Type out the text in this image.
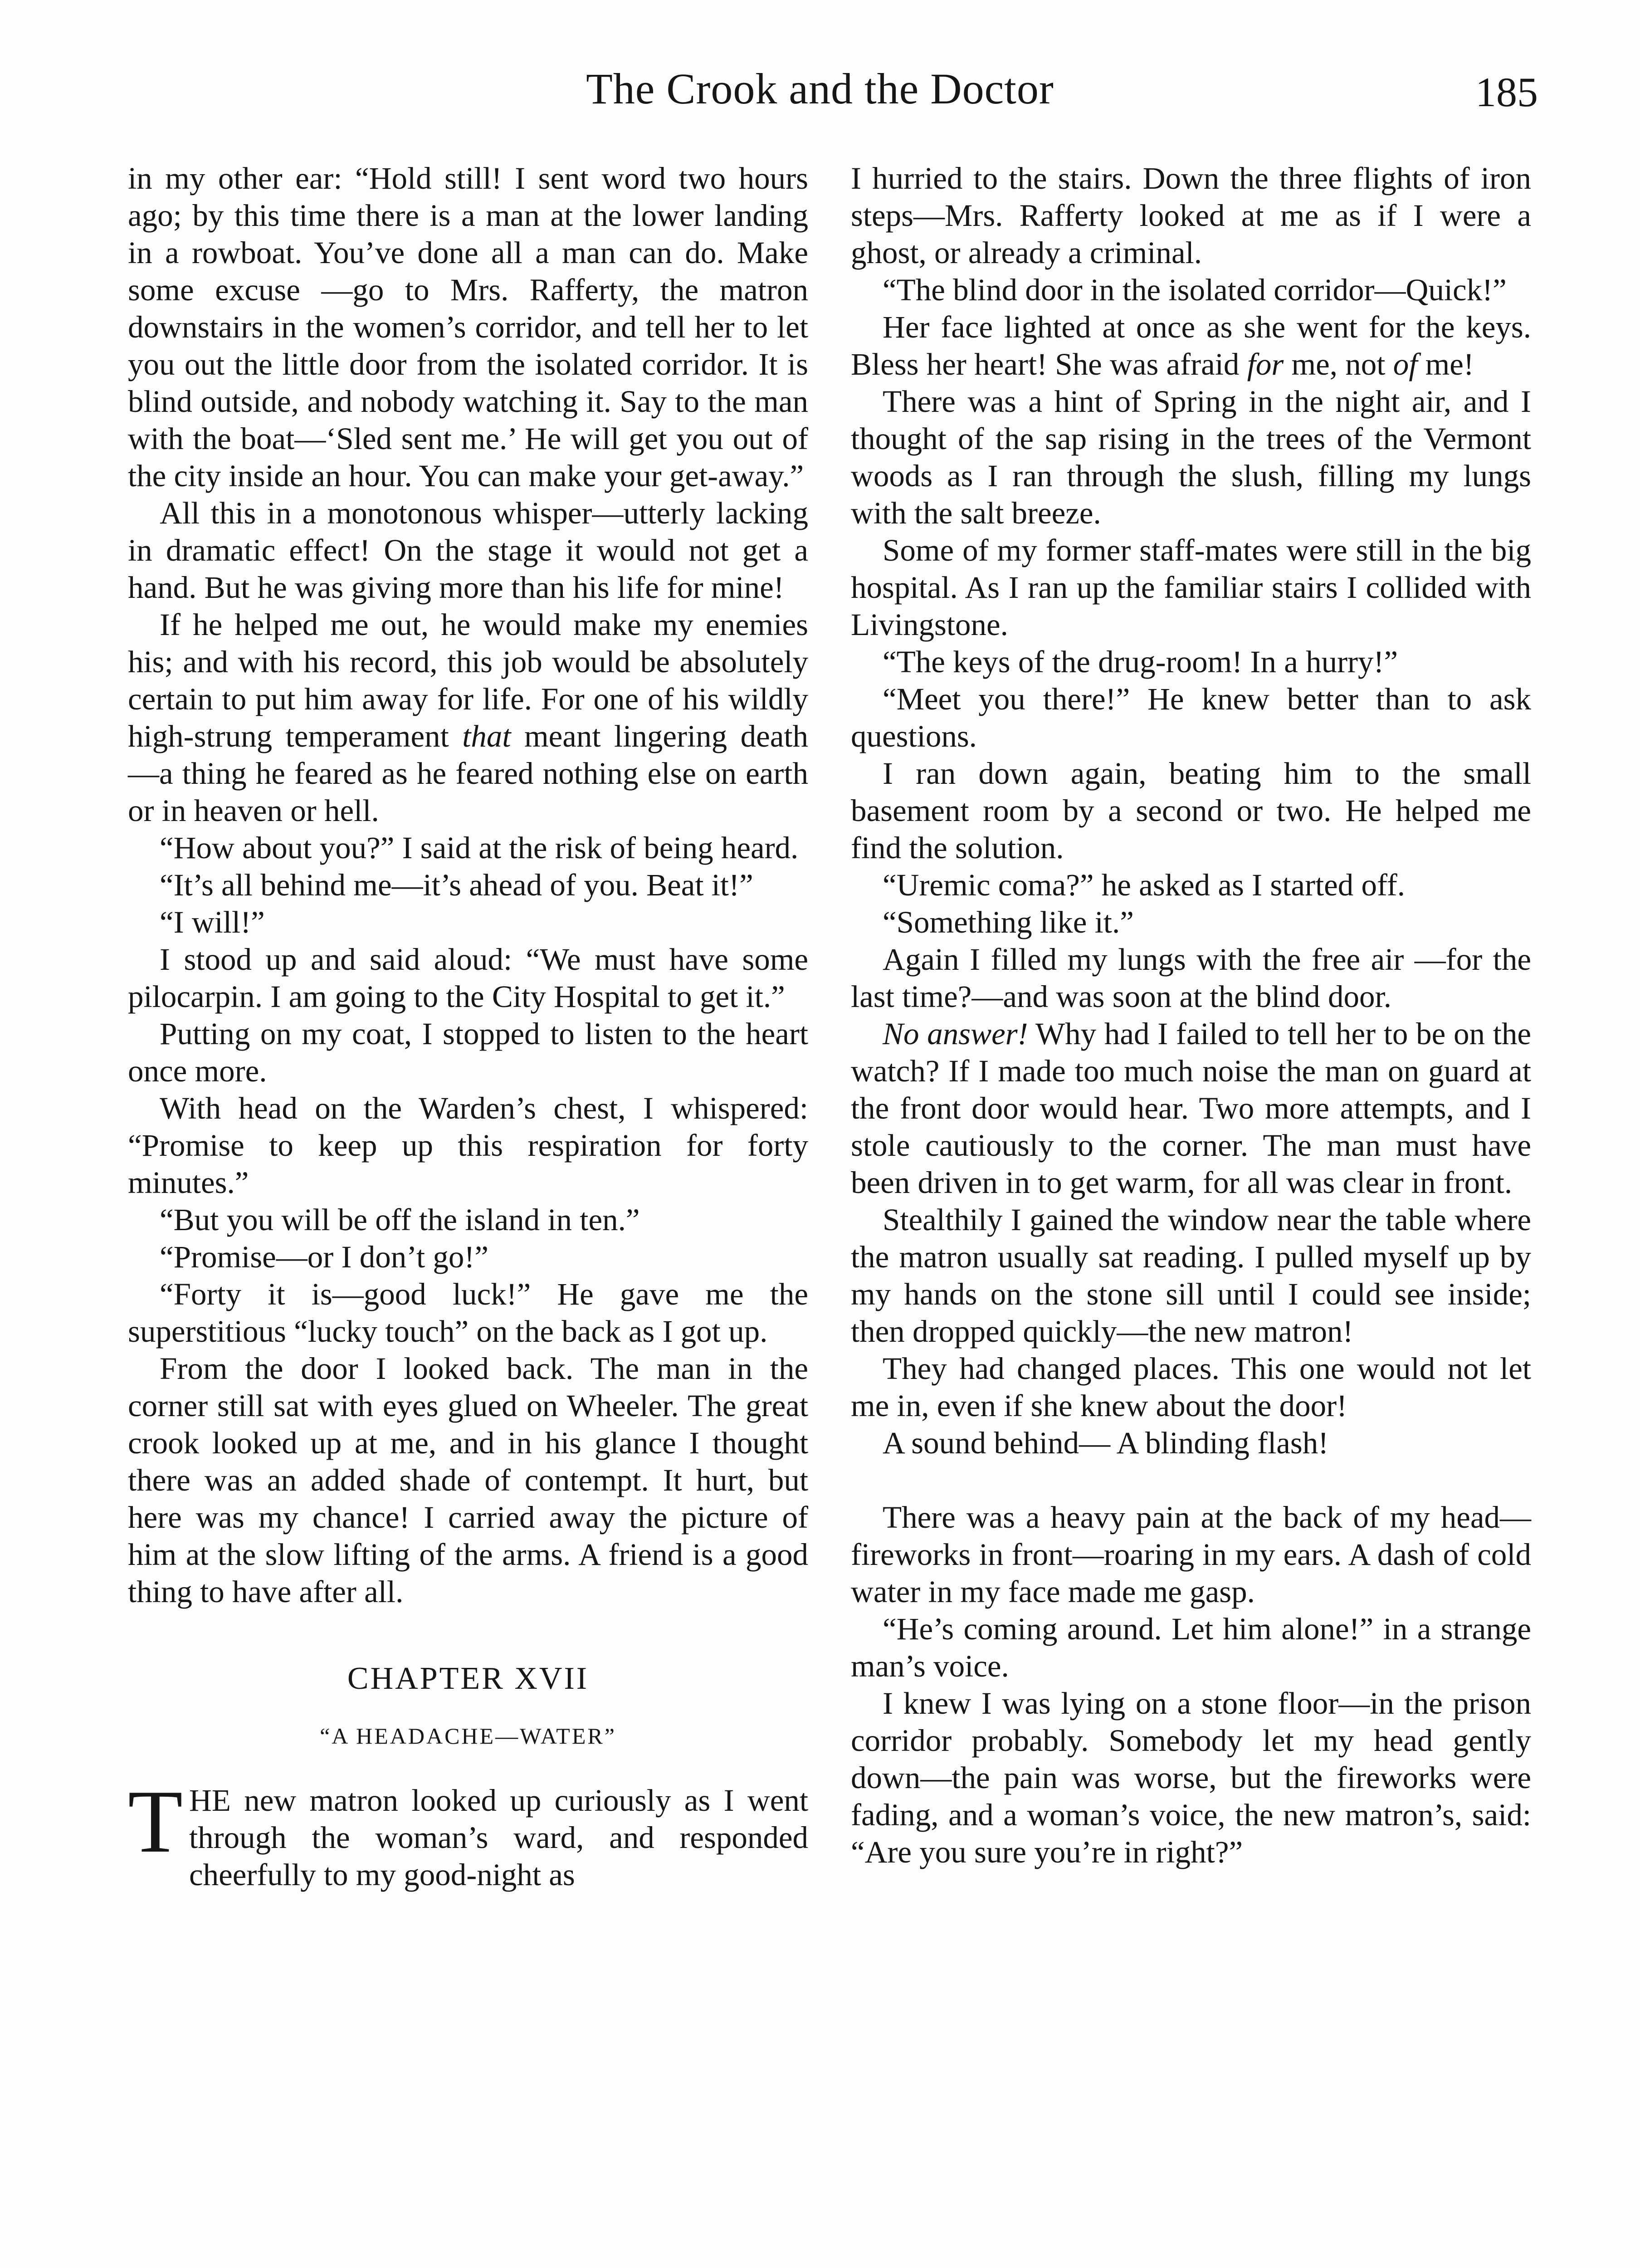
The Crook and the Doctor	185

in my other ear: “Hold still! I sent word two hours ago; by this time there is a man at the lower landing in a rowboat. You’ve done all a man can do. Make some excuse —go to Mrs. Rafferty, the matron downstairs in the women’s corridor, and tell her to let you out the little door from the isolated corridor. It is blind outside, and nobody watching it. Say to the man with the boat—‘Sled sent me.’ He will get you out of the city inside an hour. You can make your get-away.”

All this in a monotonous whisper—utterly lacking in dramatic effect! On the stage it would not get a hand. But he was giving more than his life for mine!

If he helped me out, he would make my enemies his; and with his record, this job would be absolutely certain to put him away for life. For one of his wildly high-strung temperament that meant lingering death—a thing he feared as he feared nothing else on earth or in heaven or hell.

“How about you?” I said at the risk of being heard.

“It’s all behind me—it’s ahead of you. Beat it!”

“I will!”

I stood up and said aloud: “We must have some pilocarpin. I am going to the City Hospital to get it.”

Putting on my coat, I stopped to listen to the heart once more.

With head on the Warden’s chest, I whispered: “Promise to keep up this respiration for forty minutes.”

“But you will be off the island in ten.”

“Promise—or I don’t go!”

“Forty it is—good luck!” He gave me the superstitious “lucky touch” on the back as I got up.

From the door I looked back. The man in the corner still sat with eyes glued on Wheeler. The great crook looked up at me, and in his glance I thought there was an added shade of contempt. It hurt, but here was my chance! I carried away the picture of him at the slow lifting of the arms. A friend is a good thing to have after all.

CHAPTER XVII
“A HEADACHE—WATER”

THE new matron looked up curiously as I went through the woman’s ward, and responded cheerfully to my good-night as

I hurried to the stairs. Down the three flights of iron steps—Mrs. Rafferty looked at me as if I were a ghost, or already a criminal.

“The blind door in the isolated corridor—Quick!”

Her face lighted at once as she went for the keys. Bless her heart! She was afraid for me, not of me!

There was a hint of Spring in the night air, and I thought of the sap rising in the trees of the Vermont woods as I ran through the slush, filling my lungs with the salt breeze.

Some of my former staff-mates were still in the big hospital. As I ran up the familiar stairs I collided with Livingstone.

“The keys of the drug-room! In a hurry!”

“Meet you there!” He knew better than to ask questions.

I ran down again, beating him to the small basement room by a second or two. He helped me find the solution.

“Uremic coma?” he asked as I started off.

“Something like it.”

Again I filled my lungs with the free air —for the last time?—and was soon at the blind door.

No answer! Why had I failed to tell her to be on the watch? If I made too much noise the man on guard at the front door would hear. Two more attempts, and I stole cautiously to the corner. The man must have been driven in to get warm, for all was clear in front.

Stealthily I gained the window near the table where the matron usually sat reading. I pulled myself up by my hands on the stone sill until I could see inside; then dropped quickly—the new matron!

They had changed places. This one would not let me in, even if she knew about the door!

A sound behind— A blinding flash!

There was a heavy pain at the back of my head—fireworks in front—roaring in my ears. A dash of cold water in my face made me gasp.

“He’s coming around. Let him alone!” in a strange man’s voice.

I knew I was lying on a stone floor—in the prison corridor probably. Somebody let my head gently down—the pain was worse, but the fireworks were fading, and a woman’s voice, the new matron’s, said: “Are you sure you’re in right?”
